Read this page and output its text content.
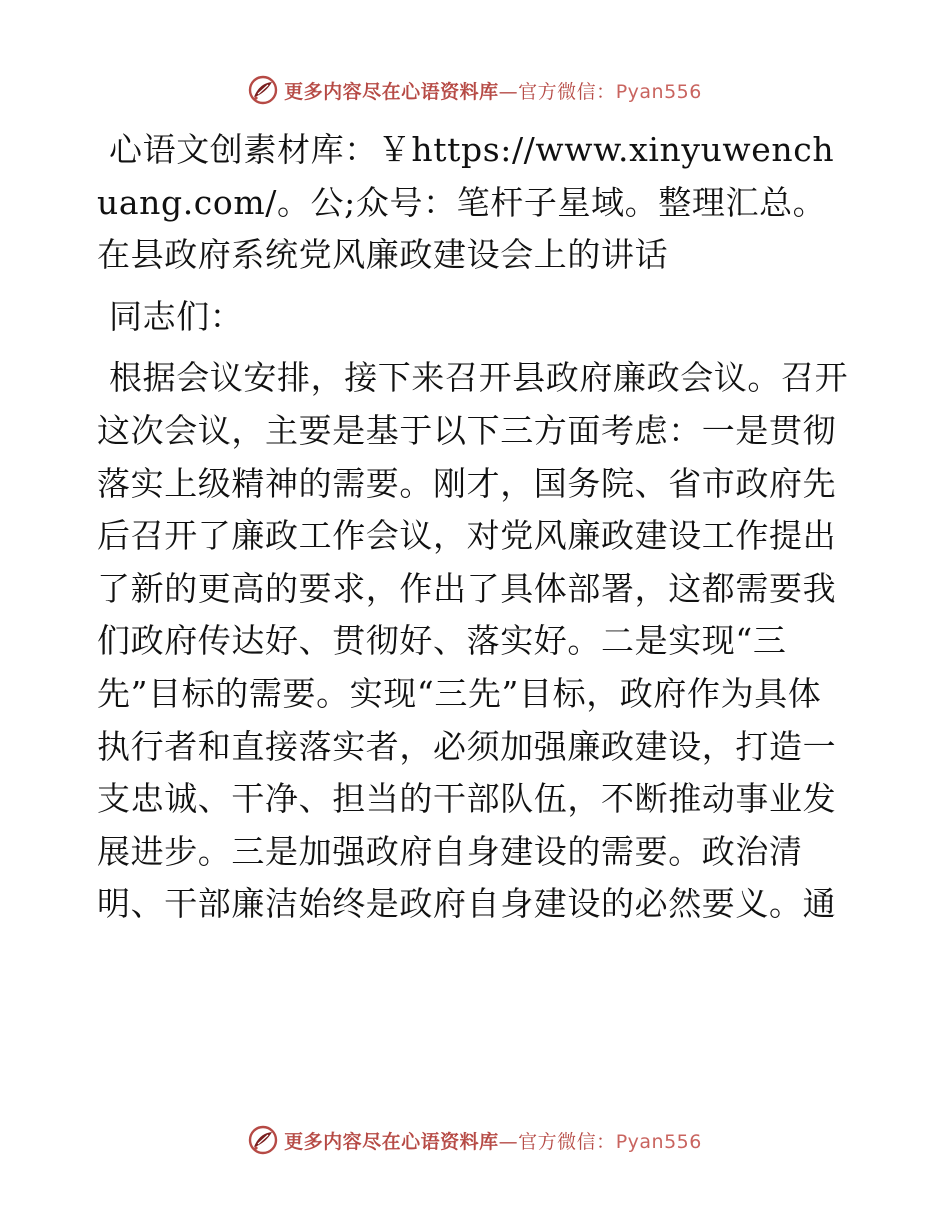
更多内容尽在心语资料库—官方微信：Pyan556

心语文创素材库：￥https://www.xinyuwenchuang.com/。公;众号：笔杆子星域。整理汇总。在县政府系统党风廉政建设会上的讲话

同志们：

根据会议安排，接下来召开县政府廉政会议。召开这次会议，主要是基于以下三方面考虑：一是贯彻落实上级精神的需要。刚才，国务院、省市政府先后召开了廉政工作会议，对党风廉政建设工作提出了新的更高的要求，作出了具体部署，这都需要我们政府传达好、贯彻好、落实好。二是实现“三先”目标的需要。实现“三先”目标，政府作为具体执行者和直接落实者，必须加强廉政建设，打造一支忠诚、干净、担当的干部队伍，不断推动事业发展进步。三是加强政府自身建设的需要。政治清明、干部廉洁始终是政府自身建设的必然要义。通

更多内容尽在心语资料库—官方微信：Pyan556
